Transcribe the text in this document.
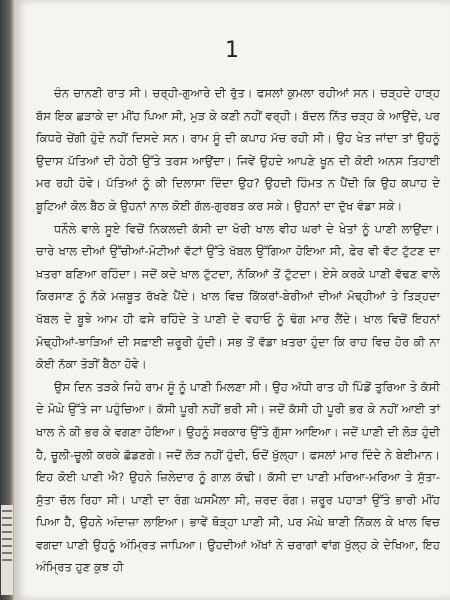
1

ਚੰਨ ਚਾਨਣੀ ਰਾਤ ਸੀ। ਚਰ੍ਹੀ-ਗੁਆਰੇ ਦੀ ਰੁੱਤ। ਫਸਲਾਂ ਕੁਮਲਾ ਰਹੀਆਂ ਸਨ। ਚੜ੍ਹਦੇ ਹਾੜ੍ਹ ਬੱਸ ਇਕ ਛੜਾਕੇ ਦਾ ਮੀਂਹ ਪਿਆ ਸੀ, ਮੁੜ ਕੇ ਕਣੀ ਨਹੀਂ ਵਰ੍ਹੀ। ਬੱਦਲ ਨਿੱਤ ਚੜ੍ਹ ਕੇ ਆਉਂਦੇ, ਪਰ ਕਿਧਰੇ ਚੇਂਗੀ ਹੁੰਦੇ ਨਹੀਂ ਦਿਸਦੇ ਸਨ। ਰਾਮ ਸੂੰ ਦੀ ਕਪਾਹ ਮੱਚ ਰਹੀ ਸੀ। ਉਹ ਖੇਤ ਜਾਂਦਾ ਤਾਂ ਉਹਨੂੰ ਉਦਾਸ ਪੱਤਿਆਂ ਦੀ ਹੇਠੀ ਉੱਤੇ ਤਰਸ ਆਉਂਦਾ। ਜਿਵੇਂ ਉਹਦੇ ਆਪਣੇ ਖੂਨ ਦੀ ਕੋਈ ਅਨਸ ਤਿਹਾਈ ਮਰ ਰਹੀ ਹੋਵੇ। ਪੱਤਿਆਂ ਨੂੰ ਕੀ ਦਿਲਾਸਾ ਦਿੰਦਾ ਉਹ? ਉਹਦੀ ਹਿੰਮਤ ਨ ਪੈਂਦੀ ਕਿ ਉਹ ਕਪਾਹ ਦੇ ਬੂਟਿਆਂ ਕੋਲ ਬੈਠ ਕੇ ਉਹਨਾਂ ਨਾਲ ਕੋਈ ਗੱਲ-ਗੁਰਬਤ ਕਰ ਸਕੇ। ਉਹਨਾਂ ਦਾ ਦੁੱਖ ਵੰਡਾ ਸਕੇ।

ਧਨੌਲੇ ਵਾਲੇ ਸੂਏ ਵਿਚੋਂ ਨਿਕਲਦੀ ਕੱਸੀ ਦਾ ਖੋਰੀ ਖਾਲ ਵੀਹ ਘਰਾਂ ਦੇ ਖੇਤਾਂ ਨੂੰ ਪਾਣੀ ਲਾਉਂਦਾ। ਚਾਰੇ ਖਾਲ ਦੀਆਂ ਉੱਚੀਆਂ-ਮੋਟੀਆਂ ਵੱਟਾਂ ਉੱਤੇ ਖੱਬਲ ਉੱਗਿਆ ਹੋਇਆ ਸੀ, ਫੇਰ ਵੀ ਵੱਟ ਟੁੱਟਣ ਦਾ ਖ਼ਤਰਾ ਬਣਿਆ ਰਹਿੰਦਾ। ਜਦੋਂ ਕਦੇ ਖਾਲ ਟੁੱਟਦਾ, ਨੱਕਿਆਂ ਤੋਂ ਟੁੱਟਦਾ। ਏਸੇ ਕਰਕੇ ਪਾਣੀ ਵੱਢਣ ਵਾਲੇ ਕਿਰਸਾਣ ਨੂੰ ਨੱਕੇ ਮਜ਼ਬੂਤ ਰੱਖਣੇ ਪੈਂਦੇ। ਖਾਲ ਵਿਚ ਕਿੱਕਰਾਂ-ਬੇਰੀਆਂ ਦੀਆਂ ਮੋਢ੍ਹੀਆਂ ਤੇ ਤਿੜ੍ਹਦਾ ਖੱਬਲ ਦੇ ਬੂਝੇ ਆਮ ਹੀ ਫਸੇ ਰਹਿੰਦੇ ਤੇ ਪਾਣੀ ਦੇ ਵਹਾਓ ਨੂੰ ਢੰਗ ਮਾਰ ਲੈਂਦੇ। ਖਾਲ ਵਿਚੋਂ ਇਹਨਾਂ ਮੋਢ੍ਹੀਆਂ-ਝਾੜਿਆਂ ਦੀ ਸਫ਼ਾਈ ਜ਼ਰੂਰੀ ਹੁੰਦੀ। ਸਭ ਤੋਂ ਵੱਡਾ ਖ਼ਤਰਾ ਹੁੰਦਾ ਕਿ ਰਾਹ ਵਿਚ ਹੋਰ ਕੀ ਨਾ ਕੋਈ ਨੱਕਾ ਤੋੜੀਂ ਬੈਠਾ ਹੋਵੇ।

ਉਸ ਦਿਨ ਤੜਕੇ ਜਿਹੇ ਰਾਮ ਸੂੰ ਨੂੰ ਪਾਣੀ ਮਿਲਣਾ ਸੀ। ਉਹ ਅੱਧੀ ਰਾਤ ਹੀ ਪਿੰਡੋਂ ਤੁਰਿਆ ਤੇ ਕੱਸੀ ਦੇ ਮੋਘੇ ਉੱਤੇ ਜਾ ਪਹੁੰਚਿਆ। ਕੱਸੀ ਪੂਰੀ ਨਹੀਂ ਭਰੀ ਸੀ। ਜਦੋਂ ਕੱਸੀ ਹੀ ਪੂਰੀ ਭਰ ਕੇ ਨਹੀਂ ਆਈ ਤਾਂ ਖਾਲ ਨੇ ਕੀ ਭਰ ਕੇ ਵਗਣਾ ਹੋਇਆ। ਉਹਨੂੰ ਸਰਕਾਰ ਉੱਤੇ ਗੁੱਸਾ ਆਇਆ। ਜਦੋਂ ਪਾਣੀ ਦੀ ਲੋੜ ਹੁੰਦੀ ਹੈ, ਚੂਲੀ-ਚੂਲੀ ਕਰਕੇ ਛੱਡਣਗੇ। ਜਦੋਂ ਲੋੜ ਨਹੀਂ ਹੁੰਦੀ, ਓਦੋਂ ਖੁੱਲ੍ਹਾ। ਫਸਲਾਂ ਮਾਰ ਦਿੰਦੇ ਨੇ ਬੇਈਮਾਨ। ਇਹ ਕੋਈ ਪਾਣੀ ਐ? ਉਹਨੇ ਜ਼ਿਲੇਦਾਰ ਨੂੰ ਗਾਲ਼ ਕੱਢੀ। ਕੱਸੀ ਦਾ ਪਾਣੀ ਮਰਿਆ-ਮਰਿਆ ਤੇ ਸੁੱਤਾ-ਸੁੱਤਾ ਚੱਲ ਰਿਹਾ ਸੀ। ਪਾਣੀ ਦਾ ਰੰਗ ਘਸਮੈਲਾ ਸੀ, ਜ਼ਰਦ ਰੰਗ। ਜ਼ਰੂਰ ਪਹਾੜਾਂ ਉੱਤੇ ਭਾਰੀ ਮੀਂਹ ਪਿਆ ਹੈ, ਉਹਨੇ ਅੰਦਾਜ਼ਾ ਲਾਇਆ। ਭਾਵੇਂ ਥੋੜ੍ਹਾ ਪਾਣੀ ਸੀ, ਪਰ ਮੋਘੇ ਥਾਣੀ ਨਿੱਕਲ ਕੇ ਖਾਲ ਵਿਚ ਵਗਦਾ ਪਾਣੀ ਉਹਨੂੰ ਅੰਮ੍ਰਿਤ ਜਾਪਿਆ। ਉਹਦੀਆਂ ਅੱਖਾਂ ਨੇ ਚਰਾਗਾਂ ਵਾਂਗ ਖੁੱਲ੍ਹ ਕੇ ਦੇਖਿਆ, ਇਹ ਅੰਮ੍ਰਿਤ ਹੁਣ ਕੁਝ ਹੀ
